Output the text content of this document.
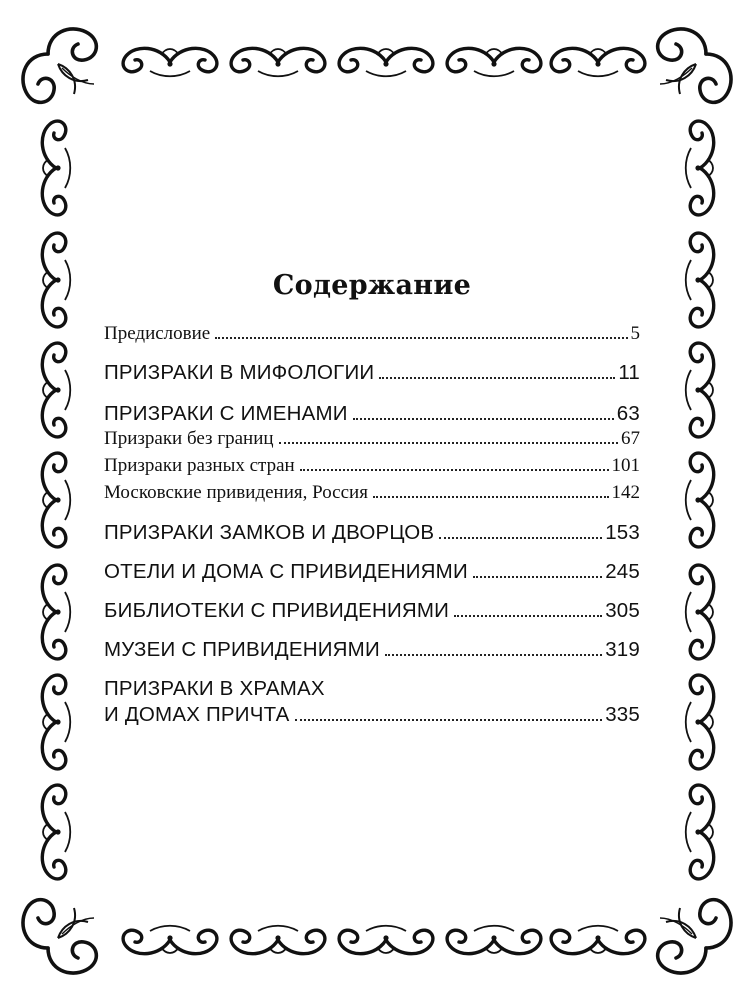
Содержание
Предисловие	5
ПРИЗРАКИ В МИФОЛОГИИ	11
ПРИЗРАКИ С ИМЕНАМИ	63
Призраки без границ	67
Призраки разных стран	101
Московские привидения, Россия	142
ПРИЗРАКИ ЗАМКОВ И ДВОРЦОВ	153
ОТЕЛИ И ДОМА С ПРИВИДЕНИЯМИ	245
БИБЛИОТЕКИ С ПРИВИДЕНИЯМИ	305
МУЗЕИ С ПРИВИДЕНИЯМИ	319
ПРИЗРАКИ В ХРАМАХ
И ДОМАХ ПРИЧТА	335
